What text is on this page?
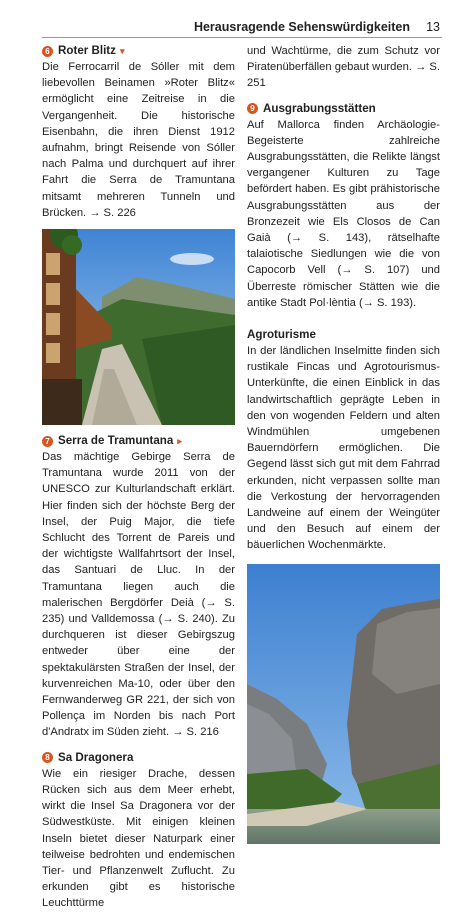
Herausragende Sehenswürdigkeiten 13
6 Roter Blitz ▾

Die Ferrocarril de Sóller mit dem liebevollen Beinamen »Roter Blitz« ermöglicht eine Zeitreise in die Vergangenheit. Die historische Eisenbahn, die ihren Dienst 1912 aufnahm, bringt Reisende von Sóller nach Palma und durchquert auf ihrer Fahrt die Serra de Tramuntana mitsamt mehreren Tunneln und Brücken. → S. 226

7 Serra de Tramuntana ▸

Das mächtige Gebirge Serra de Tramuntana wurde 2011 von der UNESCO zur Kulturlandschaft erklärt. Hier finden sich der höchste Berg der Insel, der Puig Major, die tiefe Schlucht des Torrent de Pareis und der wichtigste Wallfahrtsort der Insel, das Santuari de Lluc. In der Tramuntana liegen auch die malerischen Bergdörfer Deià (→ S. 235) und Valldemossa (→ S. 240). Zu durchqueren ist dieser Gebirgszug entweder über eine der spektakulärsten Straßen der Insel, der kurvenreichen Ma-10, oder über den Fernwanderweg GR 221, der sich von Pollença im Norden bis nach Port d'Andratx im Süden zieht. → S. 216

8 Sa Dragonera

Wie ein riesiger Drache, dessen Rücken sich aus dem Meer erhebt, wirkt die Insel Sa Dragonera vor der Südwestküste. Mit einigen kleinen Inseln bietet dieser Naturpark einer teilweise bedrohten und endemischen Tier- und Pflanzenwelt Zuflucht. Zu erkunden gibt es historische Leuchttürme

und Wachtürme, die zum Schutz vor Piratenüberfällen gebaut wurden. → S. 251

9 Ausgrabungsstätten

Auf Mallorca finden Archäologie-Begeisterte zahlreiche Ausgrabungsstätten, die Relikte längst vergangener Kulturen zu Tage befördert haben. Es gibt prähistorische Ausgrabungsstätten aus der Bronzezeit wie Els Closos de Can Gaià (→ S. 143), rätselhafte talaiotische Siedlungen wie die von Capocorb Vell (→ S. 107) und Überreste römischer Stätten wie die antike Stadt Pol·lèntia (→ S. 193).

Agroturisme

In der ländlichen Inselmitte finden sich rustikale Fincas und Agrotourismus-Unterkünfte, die einen Einblick in das landwirtschaftlich geprägte Leben in den von wogenden Feldern und alten Windmühlen umgebenen Bauerndörfern ermöglichen. Die Gegend lässt sich gut mit dem Fahrrad erkunden, nicht verpassen sollte man die Verkostung der hervorragenden Landweine auf einem der Weingüter und den Besuch auf einem der bäuerlichen Wochenmärkte.
